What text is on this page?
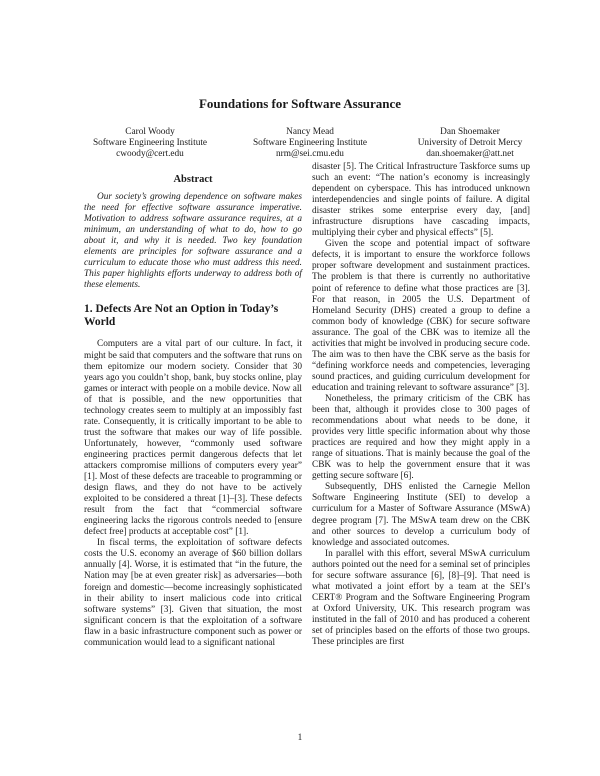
Foundations for Software Assurance
Carol Woody
Software Engineering Institute
cwoody@cert.edu
Nancy Mead
Software Engineering Institute
nrm@sei.cmu.edu
Dan Shoemaker
University of Detroit Mercy
dan.shoemaker@att.net
Abstract

Our society’s growing dependence on software makes the need for effective software assurance imperative. Motivation to address software assurance requires, at a minimum, an understanding of what to do, how to go about it, and why it is needed. Two key foundation elements are principles for software assurance and a curriculum to educate those who must address this need. This paper highlights efforts underway to address both of these elements.

1. Defects Are Not an Option in Today’s World

Computers are a vital part of our culture. In fact, it might be said that computers and the software that runs on them epitomize our modern society. Consider that 30 years ago you couldn’t shop, bank, buy stocks online, play games or interact with people on a mobile device. Now all of that is possible, and the new opportunities that technology creates seem to multiply at an impossibly fast rate. Consequently, it is critically important to be able to trust the software that makes our way of life possible. Unfortunately, however, “commonly used software engineering practices permit dangerous defects that let attackers compromise millions of computers every year” [1]. Most of these defects are traceable to programming or design flaws, and they do not have to be actively exploited to be considered a threat [1]–[3]. These defects result from the fact that “commercial software engineering lacks the rigorous controls needed to [ensure defect free] products at acceptable cost” [1].

In fiscal terms, the exploitation of software defects costs the U.S. economy an average of $60 billion dollars annually [4]. Worse, it is estimated that “in the future, the Nation may [be at even greater risk] as adversaries—both foreign and domestic—become increasingly sophisticated in their ability to insert malicious code into critical software systems” [3]. Given that situation, the most significant concern is that the exploitation of a software flaw in a basic infrastructure component such as power or communication would lead to a significant national

disaster [5]. The Critical Infrastructure Taskforce sums up such an event: “The nation’s economy is increasingly dependent on cyberspace. This has introduced unknown interdependencies and single points of failure. A digital disaster strikes some enterprise every day, [and] infrastructure disruptions have cascading impacts, multiplying their cyber and physical effects” [5].

Given the scope and potential impact of software defects, it is important to ensure the workforce follows proper software development and sustainment practices. The problem is that there is currently no authoritative point of reference to define what those practices are [3]. For that reason, in 2005 the U.S. Department of Homeland Security (DHS) created a group to define a common body of knowledge (CBK) for secure software assurance. The goal of the CBK was to itemize all the activities that might be involved in producing secure code. The aim was to then have the CBK serve as the basis for “defining workforce needs and competencies, leveraging sound practices, and guiding curriculum development for education and training relevant to software assurance” [3].

Nonetheless, the primary criticism of the CBK has been that, although it provides close to 300 pages of recommendations about what needs to be done, it provides very little specific information about why those practices are required and how they might apply in a range of situations. That is mainly because the goal of the CBK was to help the government ensure that it was getting secure software [6].

Subsequently, DHS enlisted the Carnegie Mellon Software Engineering Institute (SEI) to develop a curriculum for a Master of Software Assurance (MSwA) degree program [7]. The MSwA team drew on the CBK and other sources to develop a curriculum body of knowledge and associated outcomes.

In parallel with this effort, several MSwA curriculum authors pointed out the need for a seminal set of principles for secure software assurance [6], [8]–[9]. That need is what motivated a joint effort by a team at the SEI’s CERT® Program and the Software Engineering Program at Oxford University, UK. This research program was instituted in the fall of 2010 and has produced a coherent set of principles based on the efforts of those two groups. These principles are first

1
